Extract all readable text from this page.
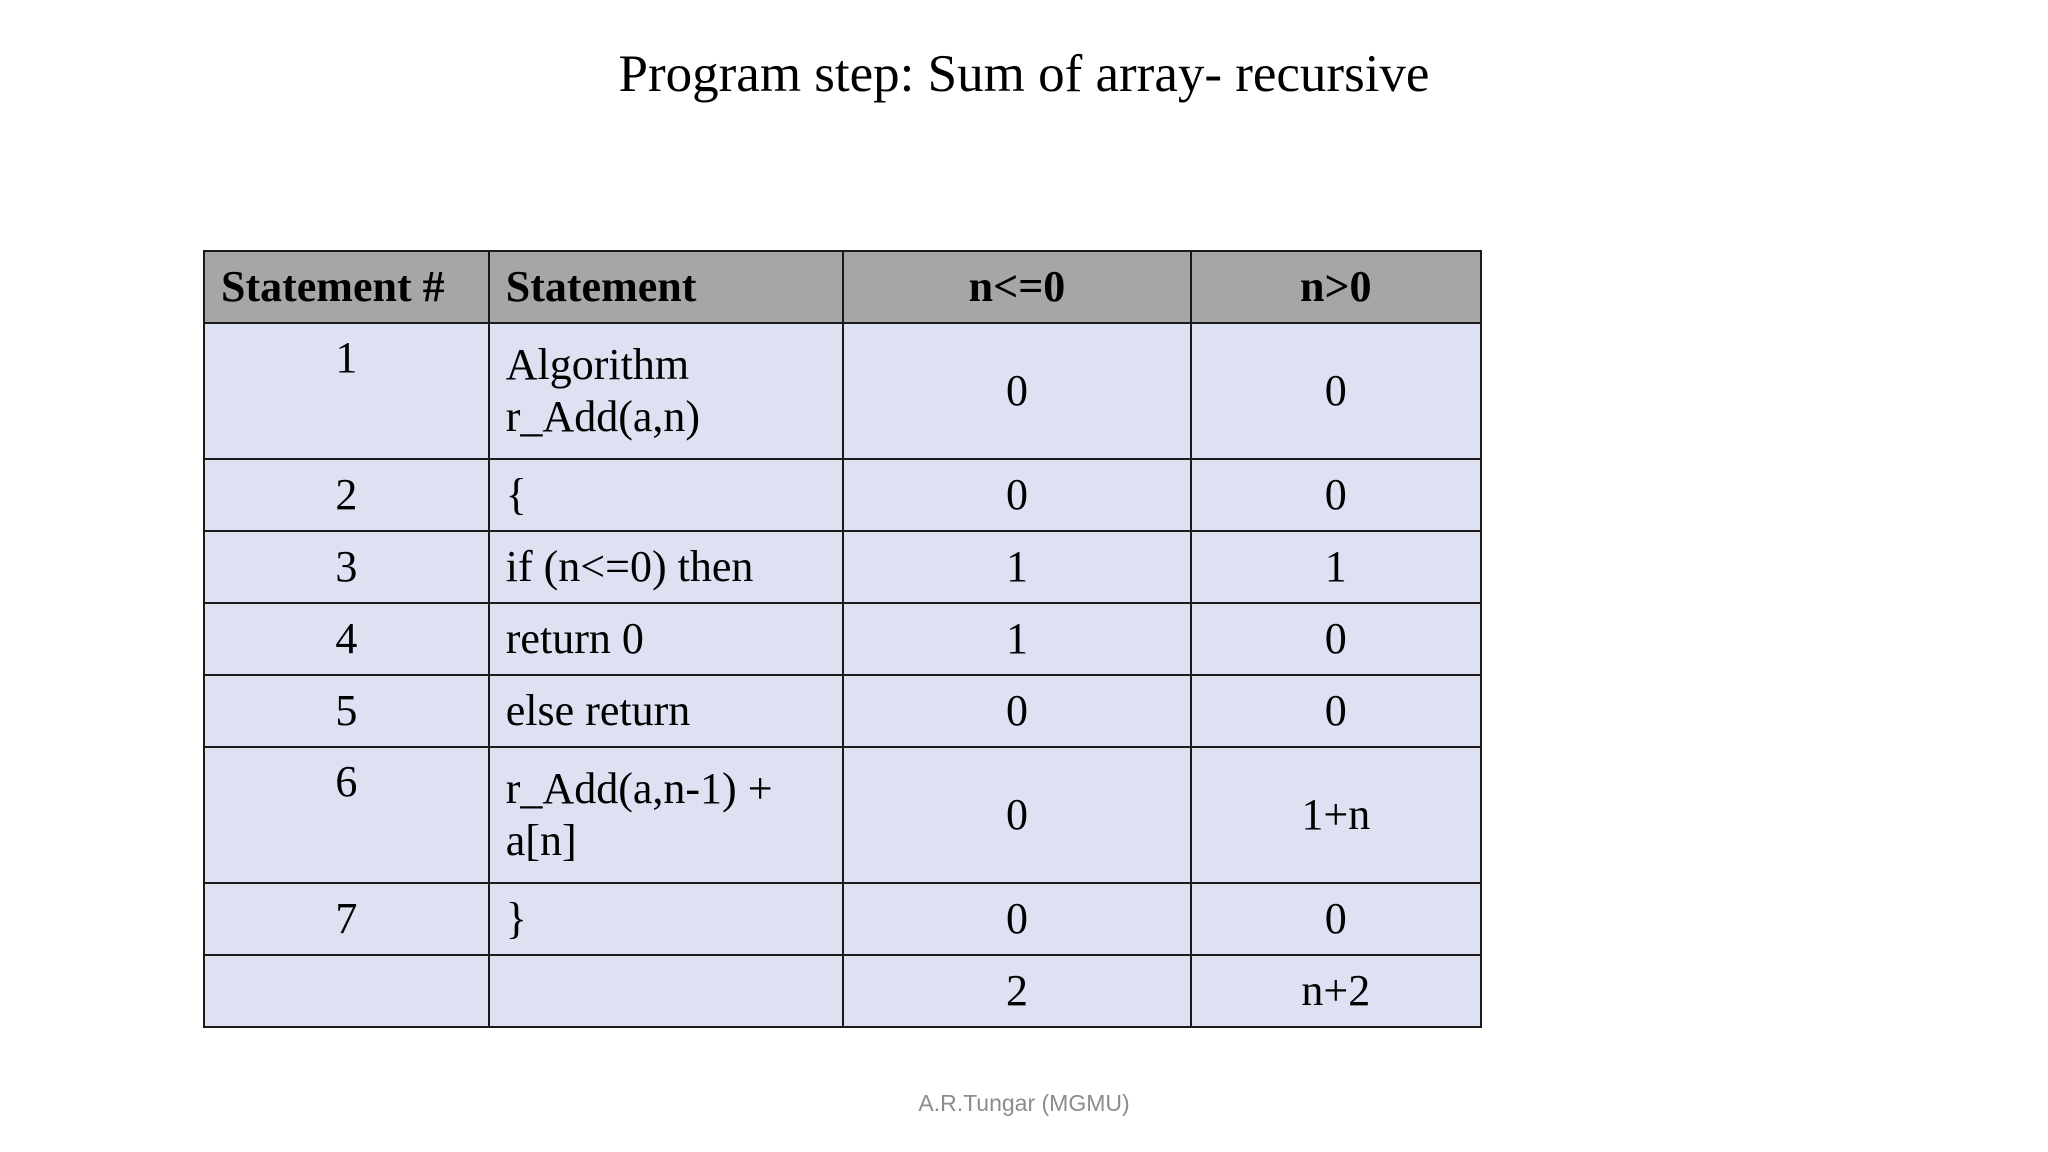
Program step: Sum of array- recursive
Statement #	Statement	n<=0	n>0
1	Algorithm r_Add(a,n)	0	0
2	{	0	0
3	if (n<=0) then	1	1
4	return 0	1	0
5	else return	0	0
6	r_Add(a,n-1) + a[n]	0	1+n
7	}	0	0
		2	n+2
A.R.Tungar (MGMU)
